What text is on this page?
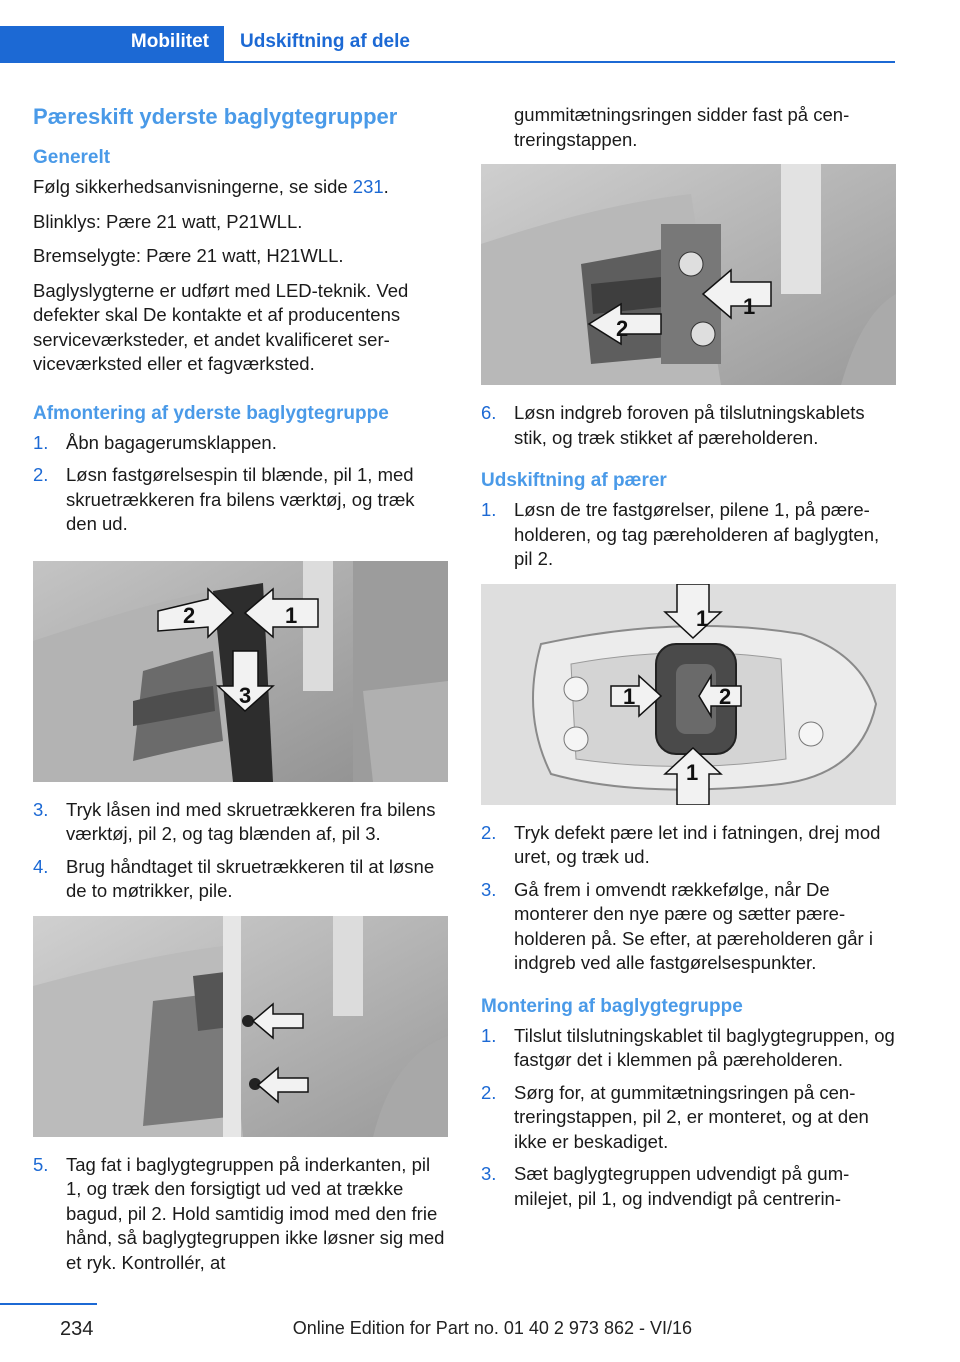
Mobilitet	Udskiftning af dele
Pæreskift yderste baglygtegrupper
Generelt

Følg sikkerhedsanvisningerne, se side 231.

Blinklys: Pære 21 watt, P21WLL.

Bremselygte: Pære 21 watt, H21WLL.

Baglyslygterne er udført med LED-teknik. Ved defekter skal De kontakte et af producentens serviceværksteder, et andet kvalificeret serviceværksted eller et fagværksted.

Afmontering af yderste baglygtegruppe
1. Åbn bagagerumsklappen.
2. Løsn fastgørelsespin til blænde, pil 1, med skruetrækkeren fra bilens værktøj, og træk den ud.
2	1
3
3. Tryk låsen ind med skruetrækkeren fra bilens værktøj, pil 2, og tag blænden af, pil 3.
4. Brug håndtaget til skruetrækkeren til at løsne de to møtrikker, pile.
5. Tag fat i baglygtegruppen på inderkanten, pil 1, og træk den forsigtigt ud ved at trække bagud, pil 2. Hold samtidig imod med den frie hånd, så baglygtegruppen ikke løsner sig med et ryk. Kontrollér, at

gummitætningsringen sidder fast på centreringstappen.

1
2
6. Løsn indgreb foroven på tilslutningskablets stik, og træk stikket af pæreholderen.
Udskiftning af pærer
1. Løsn de tre fastgørelser, pilene 1, på pæreholderen, og tag pæreholderen af baglygten, pil 2.
1
1	2
1
2. Tryk defekt pære let ind i fatningen, drej mod uret, og træk ud.
3. Gå frem i omvendt rækkefølge, når De monterer den nye pære og sætter pæreholderen på. Se efter, at pæreholderen går i indgreb ved alle fastgørelsespunkter.
Montering af baglygtegruppe
1. Tilslut tilslutningskablet til baglygtegruppen, og fastgør det i klemmen på pæreholderen.
2. Sørg for, at gummitætningsringen på centreringstappen, pil 2, er monteret, og at den ikke er beskadiget.
3. Sæt baglygtegruppen udvendigt på gummilejet, pil 1, og indvendigt på centrerin-
234	Online Edition for Part no. 01 40 2 973 862 - VI/16
